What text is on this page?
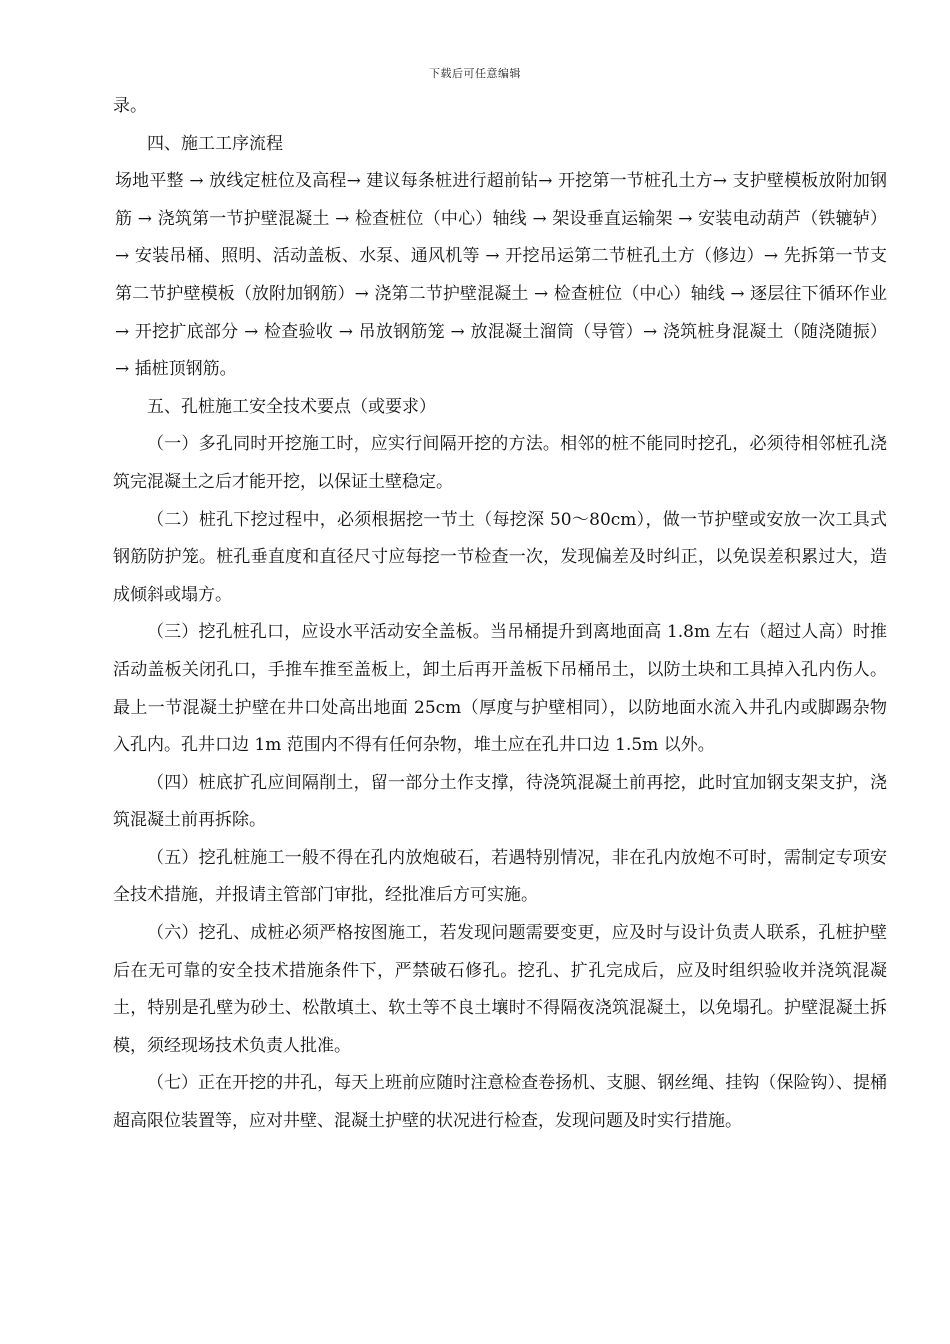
下载后可任意编辑

录。

四、施工工序流程

场地平整 → 放线定桩位及高程→ 建议每条桩进行超前钻→ 开挖第一节桩孔土方→ 支护壁模板放附加钢筋 → 浇筑第一节护壁混凝土 → 检查桩位（中心）轴线 → 架设垂直运输架 → 安装电动葫芦（铁辘轳）→ 安装吊桶、照明、活动盖板、水泵、通风机等 → 开挖吊运第二节桩孔土方（修边）→ 先拆第一节支第二节护壁模板（放附加钢筋）→ 浇第二节护壁混凝土 → 检查桩位（中心）轴线 → 逐层往下循环作业 → 开挖扩底部分 → 检查验收 → 吊放钢筋笼 → 放混凝土溜筒（导管）→ 浇筑桩身混凝土（随浇随振）→ 插桩顶钢筋。

五、孔桩施工安全技术要点（或要求）

（一）多孔同时开挖施工时，应实行间隔开挖的方法。相邻的桩不能同时挖孔，必须待相邻桩孔浇筑完混凝土之后才能开挖，以保证土壁稳定。

（二）桩孔下挖过程中，必须根据挖一节土（每挖深 50～80cm），做一节护壁或安放一次工具式钢筋防护笼。桩孔垂直度和直径尺寸应每挖一节检查一次，发现偏差及时纠正，以免误差积累过大，造成倾斜或塌方。

（三）挖孔桩孔口，应设水平活动安全盖板。当吊桶提升到离地面高 1.8m 左右（超过人高）时推活动盖板关闭孔口，手推车推至盖板上，卸土后再开盖板下吊桶吊土，以防土块和工具掉入孔内伤人。最上一节混凝土护壁在井口处高出地面 25cm（厚度与护壁相同），以防地面水流入井孔内或脚踢杂物入孔内。孔井口边 1m 范围内不得有任何杂物，堆土应在孔井口边 1.5m 以外。

（四）桩底扩孔应间隔削土，留一部分土作支撑，待浇筑混凝土前再挖，此时宜加钢支架支护，浇筑混凝土前再拆除。

（五）挖孔桩施工一般不得在孔内放炮破石，若遇特别情况，非在孔内放炮不可时，需制定专项安全技术措施，并报请主管部门审批，经批准后方可实施。

（六）挖孔、成桩必须严格按图施工，若发现问题需要变更，应及时与设计负责人联系，孔桩护壁后在无可靠的安全技术措施条件下，严禁破石修孔。挖孔、扩孔完成后，应及时组织验收并浇筑混凝土，特别是孔壁为砂土、松散填土、软土等不良土壤时不得隔夜浇筑混凝土，以免塌孔。护壁混凝土拆模，须经现场技术负责人批准。

（七）正在开挖的井孔，每天上班前应随时注意检查卷扬机、支腿、钢丝绳、挂钩（保险钩）、提桶超高限位装置等，应对井壁、混凝土护壁的状况进行检查，发现问题及时实行措施。
